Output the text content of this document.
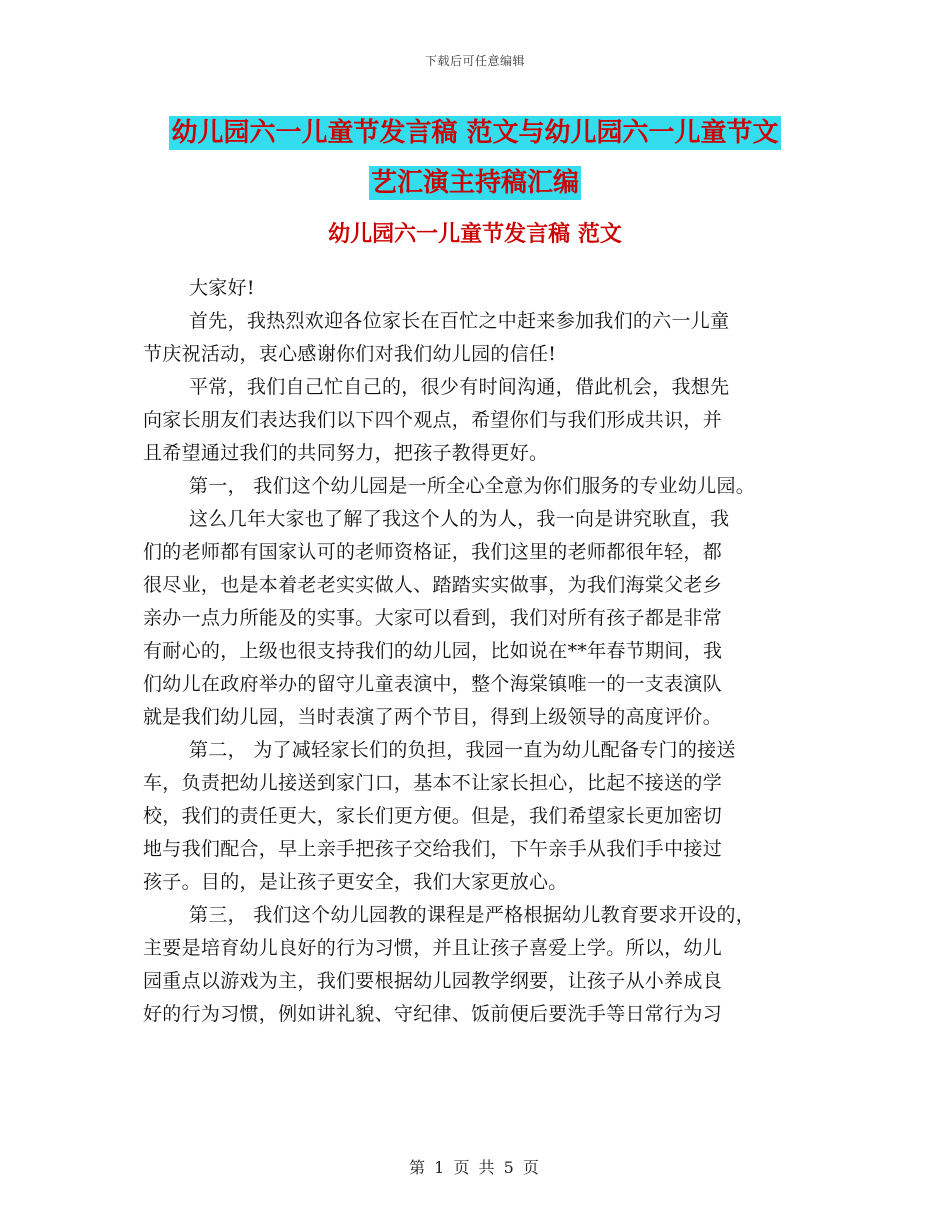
下载后可任意编辑
幼儿园六一儿童节发言稿 范文与幼儿园六一儿童节文
艺汇演主持稿汇编
幼儿园六一儿童节发言稿 范文
大家好!
首先，我热烈欢迎各位家长在百忙之中赶来参加我们的六一儿童
节庆祝活动，衷心感谢你们对我们幼儿园的信任!
平常，我们自己忙自己的，很少有时间沟通，借此机会，我想先
向家长朋友们表达我们以下四个观点，希望你们与我们形成共识，并
且希望通过我们的共同努力，把孩子教得更好。
第一， 我们这个幼儿园是一所全心全意为你们服务的专业幼儿园。
这么几年大家也了解了我这个人的为人，我一向是讲究耿直，我
们的老师都有国家认可的老师资格证，我们这里的老师都很年轻，都
很尽业，也是本着老老实实做人、踏踏实实做事，为我们海棠父老乡
亲办一点力所能及的实事。大家可以看到，我们对所有孩子都是非常
有耐心的，上级也很支持我们的幼儿园，比如说在**年春节期间，我
们幼儿在政府举办的留守儿童表演中，整个海棠镇唯一的一支表演队
就是我们幼儿园，当时表演了两个节目，得到上级领导的高度评价。
第二， 为了减轻家长们的负担，我园一直为幼儿配备专门的接送
车，负责把幼儿接送到家门口，基本不让家长担心，比起不接送的学
校，我们的责任更大，家长们更方便。但是，我们希望家长更加密切
地与我们配合，早上亲手把孩子交给我们，下午亲手从我们手中接过
孩子。目的，是让孩子更安全，我们大家更放心。
第三， 我们这个幼儿园教的课程是严格根据幼儿教育要求开设的，
主要是培育幼儿良好的行为习惯，并且让孩子喜爱上学。所以，幼儿
园重点以游戏为主，我们要根据幼儿园教学纲要，让孩子从小养成良
好的行为习惯，例如讲礼貌、守纪律、饭前便后要洗手等日常行为习
第 1 页 共 5 页
